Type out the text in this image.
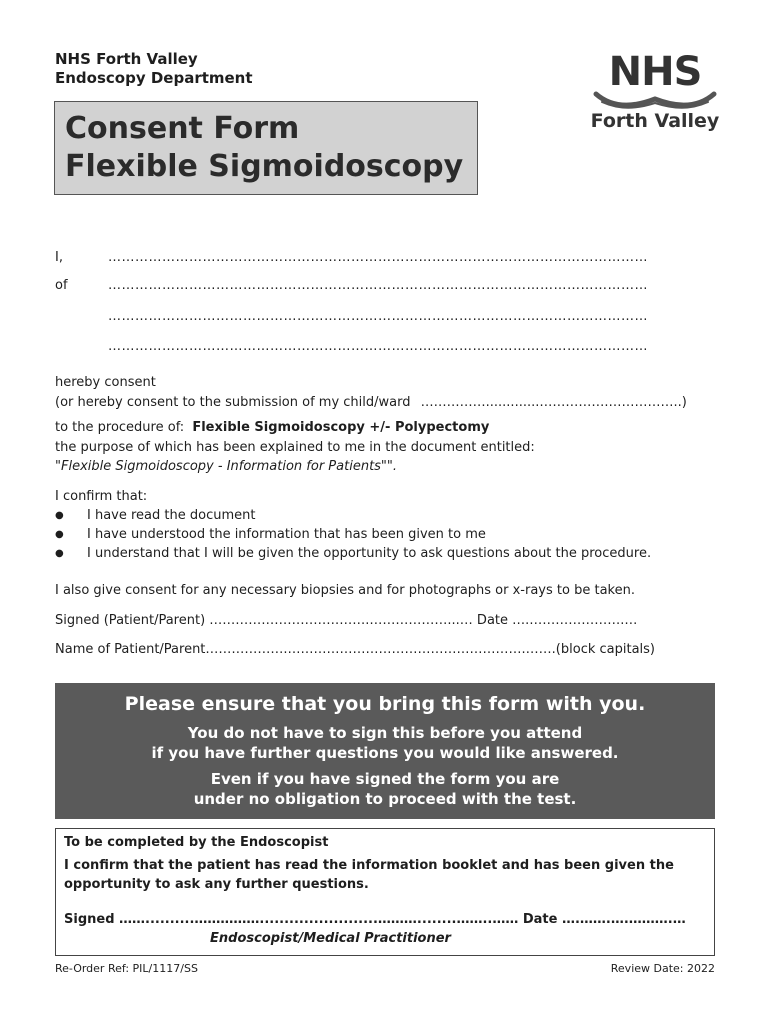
NHS Forth Valley
Endoscopy Department	NHS
Forth Valley
Consent Form
Flexible Sigmoidoscopy
I,	…………………………………………………………………………………………………………
of	…………………………………………………………………………………………………………
…………………………………………………………………………………………………………
…………………………………………………………………………………………………………
hereby consent
(or hereby consent to the submission of my child/ward …………….............…………….……………..)
to the procedure of: Flexible Sigmoidoscopy +/- Polypectomy
the purpose of which has been explained to me in the document entitled:
"Flexible Sigmoidoscopy - Information for Patients"".
I confirm that:
● I have read the document
● I have understood the information that has been given to me
● I understand that I will be given the opportunity to ask questions about the procedure.
I also give consent for any necessary biopsies and for photographs or x-rays to be taken.
Signed (Patient/Parent) ……………………………….………………...… Date ….………………….…
Name of Patient/Parent……………….……………………………………………….…….(block capitals)
Please ensure that you bring this form with you.
You do not have to sign this before you attend
if you have further questions you would like answered.
Even if you have signed the form you are
under no obligation to proceed with the test.
To be completed by the Endoscopist
I confirm that the patient has read the information booklet and has been given the
opportunity to ask any further questions.
Signed ……..........……………........................………........……..…… Date ….…….….……….…
Endoscopist/Medical Practitioner
Re-Order Ref: PIL/1117/SS	Review Date: 2022
